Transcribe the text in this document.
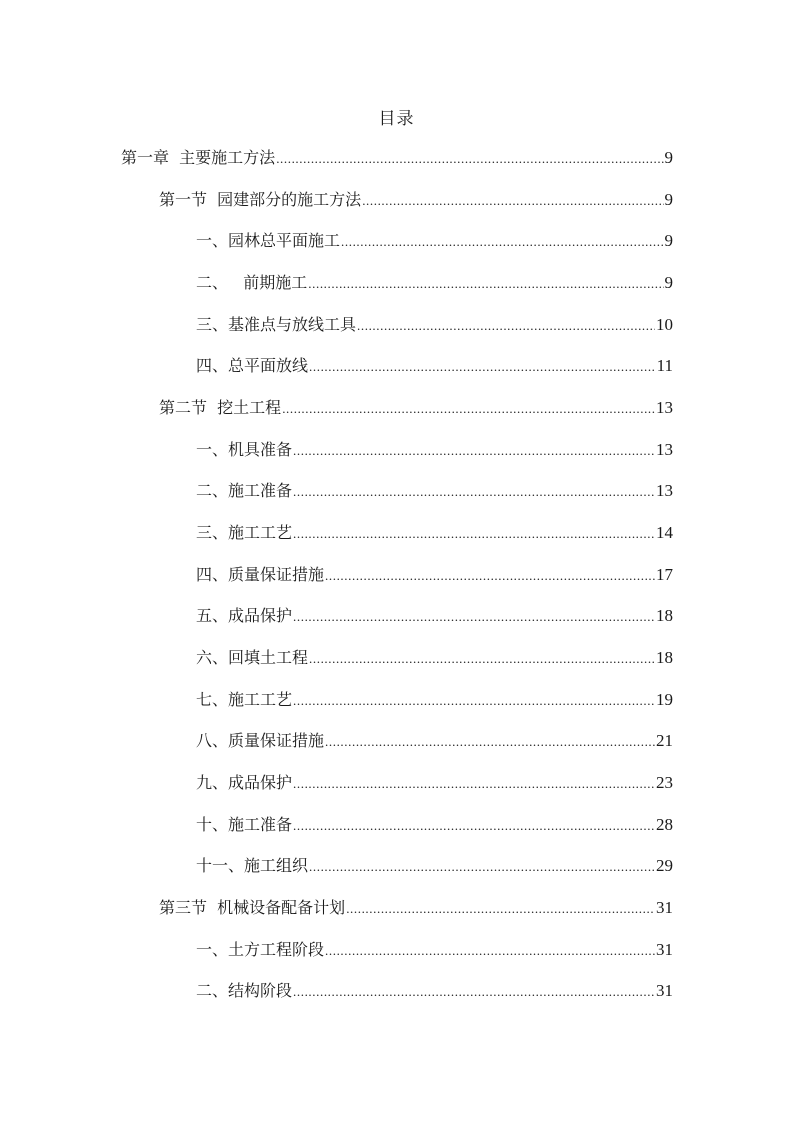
目录
第一章  主要施工方法 .....	9
第一节  园建部分的施工方法 .....	9
一、园林总平面施工 .....	9
二、   前期施工 .....	9
三、基准点与放线工具 .....	10
四、总平面放线 .....	11
第二节  挖土工程 .....	13
一、机具准备 .....	13
二、施工准备 .....	13
三、施工工艺 .....	14
四、质量保证措施 .....	17
五、成品保护 .....	18
六、回填土工程 .....	18
七、施工工艺 .....	19
八、质量保证措施 .....	21
九、成品保护 .....	23
十、施工准备 .....	28
十一、施工组织 .....	29
第三节  机械设备配备计划 .....	31
一、土方工程阶段 .....	31
二、结构阶段 .....	31
